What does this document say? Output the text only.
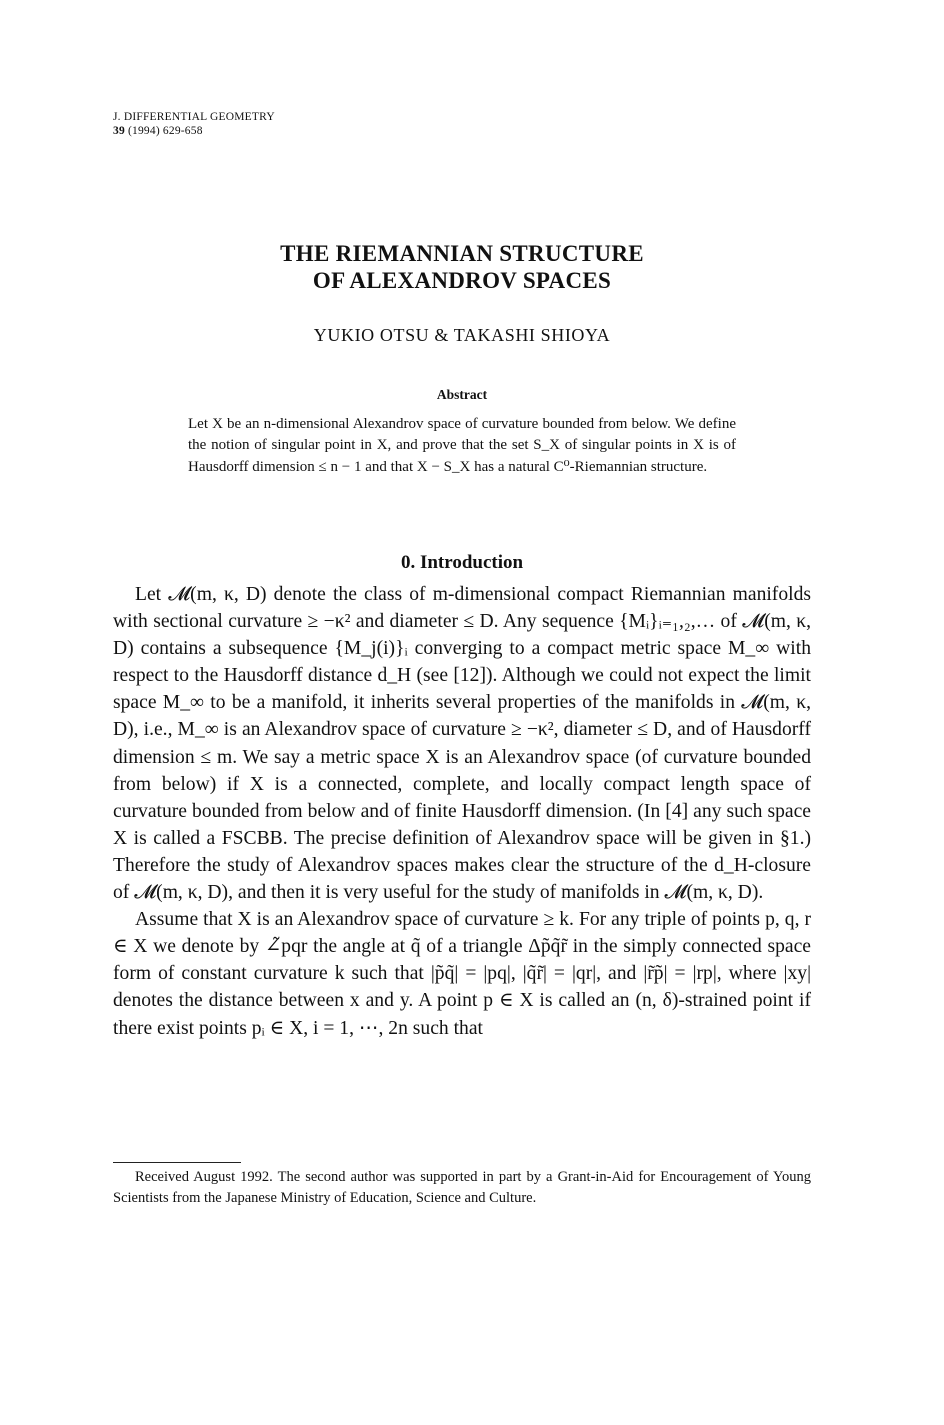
J. DIFFERENTIAL GEOMETRY
39 (1994) 629-658
THE RIEMANNIAN STRUCTURE
OF ALEXANDROV SPACES
YUKIO OTSU & TAKASHI SHIOYA
Abstract
Let X be an n-dimensional Alexandrov space of curvature bounded from below. We define the notion of singular point in X, and prove that the set S_X of singular points in X is of Hausdorff dimension ≤ n − 1 and that X − S_X has a natural C⁰-Riemannian structure.
0. Introduction

Let 𝓜(m, κ, D) denote the class of m-dimensional compact Riemannian manifolds with sectional curvature ≥ −κ² and diameter ≤ D. Any sequence {Mᵢ}ᵢ₌₁,₂,… of 𝓜(m, κ, D) contains a subsequence {M_j(i)}ᵢ converging to a compact metric space M_∞ with respect to the Hausdorff distance d_H (see [12]). Although we could not expect the limit space M_∞ to be a manifold, it inherits several properties of the manifolds in 𝓜(m, κ, D), i.e., M_∞ is an Alexandrov space of curvature ≥ −κ², diameter ≤ D, and of Hausdorff dimension ≤ m. We say a metric space X is an Alexandrov space (of curvature bounded from below) if X is a connected, complete, and locally compact length space of curvature bounded from below and of finite Hausdorff dimension. (In [4] any such space X is called a FSCBB. The precise definition of Alexandrov space will be given in §1.) Therefore the study of Alexandrov spaces makes clear the structure of the d_H-closure of 𝓜(m, κ, D), and then it is very useful for the study of manifolds in 𝓜(m, κ, D).

Assume that X is an Alexandrov space of curvature ≥ k. For any triple of points p, q, r ∈ X we denote by ∠̃pqr the angle at q̃ of a triangle Δp̃q̃r̃ in the simply connected space form of constant curvature k such that |p̃q̃| = |pq|, |q̃r̃| = |qr|, and |r̃p̃| = |rp|, where |xy| denotes the distance between x and y. A point p ∈ X is called an (n, δ)-strained point if there exist points pᵢ ∈ X, i = 1, ⋯, 2n such that

Received August 1992. The second author was supported in part by a Grant-in-Aid for Encouragement of Young Scientists from the Japanese Ministry of Education, Science and Culture.
